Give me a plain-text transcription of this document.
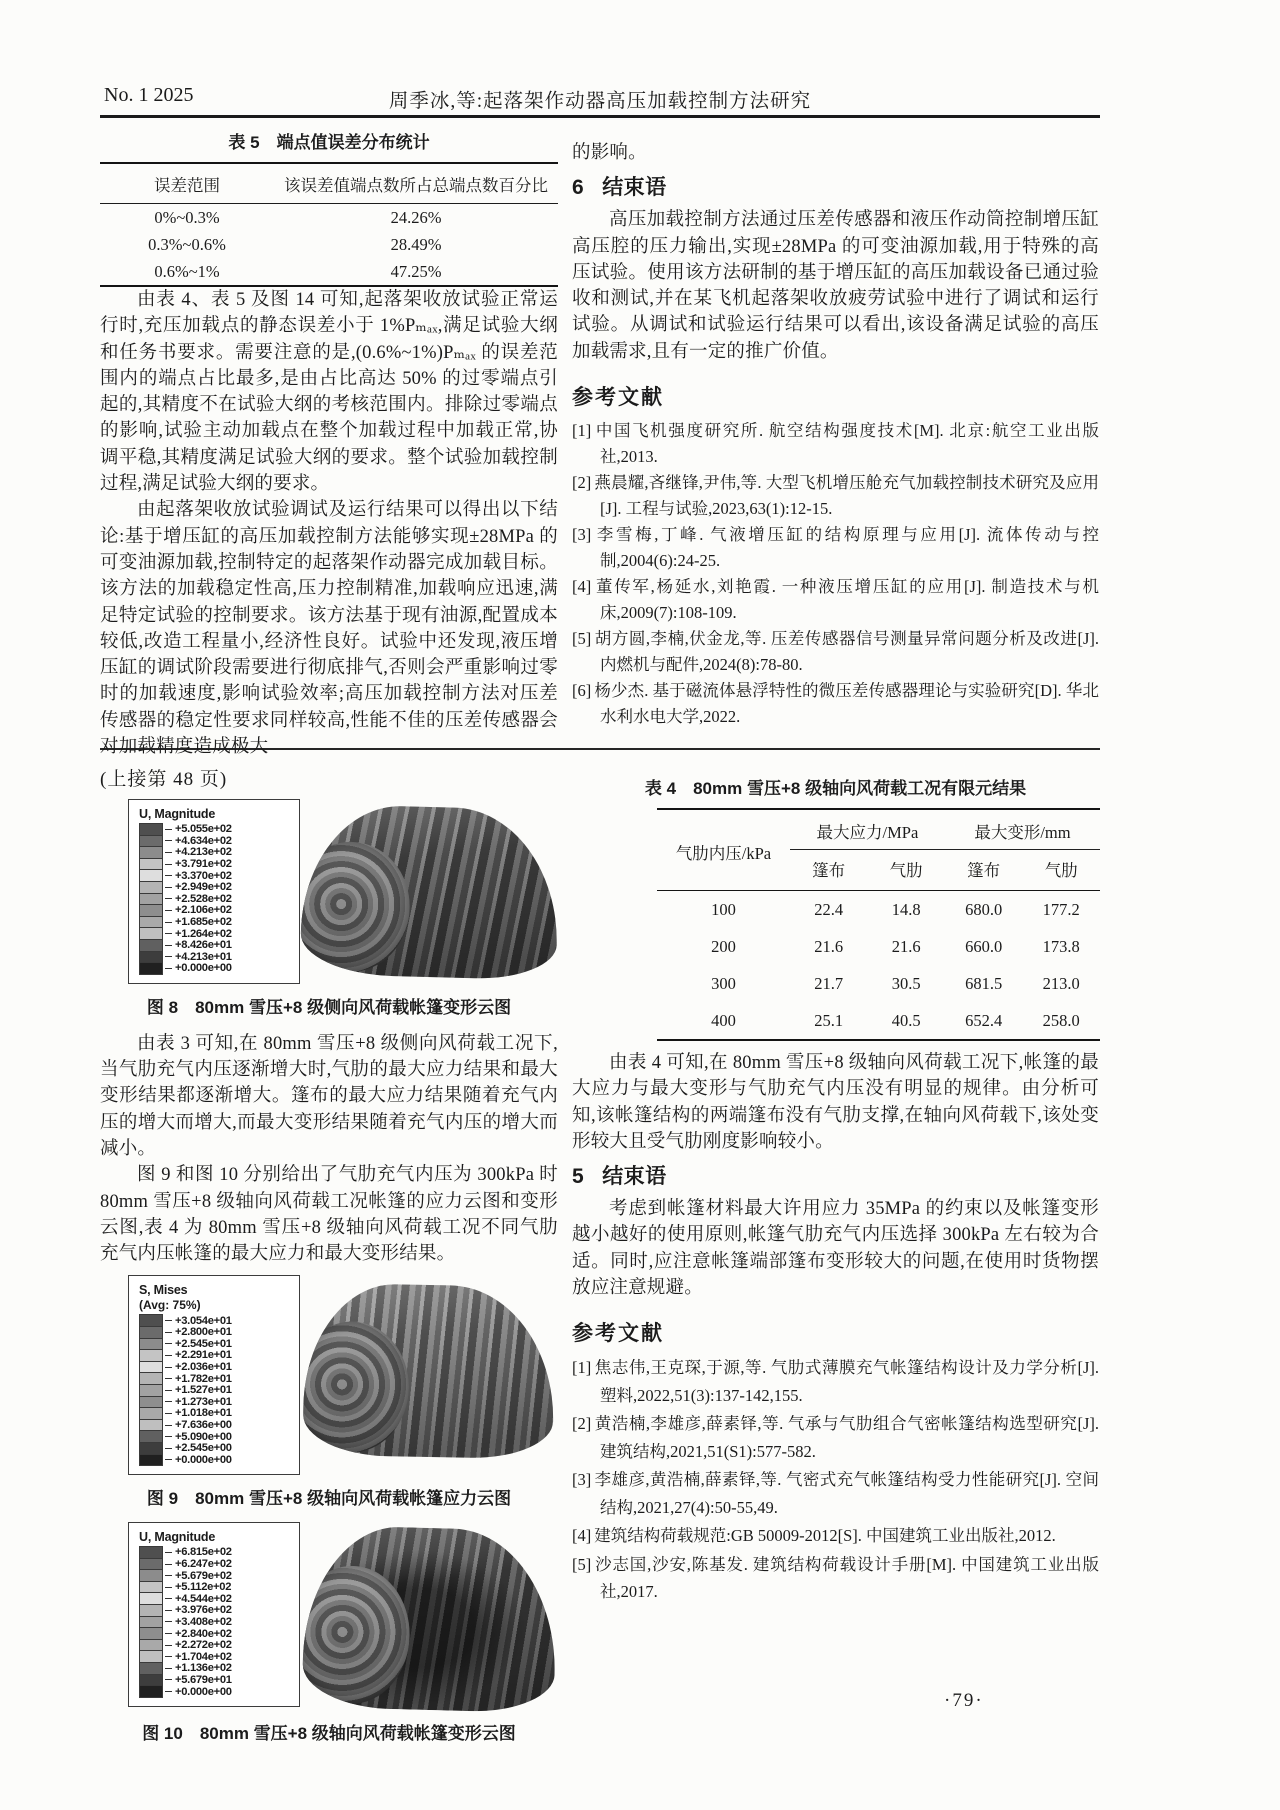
No. 1 2025	周季冰,等:起落架作动器高压加载控制方法研究
表 5　端点值误差分布统计
误差范围	该误差值端点数所占总端点数百分比
0%~0.3%	24.26%
0.3%~0.6%	28.49%
0.6%~1%	47.25%

由表 4、表 5 及图 14 可知,起落架收放试验正常运行时,充压加载点的静态误差小于 1%Pₘₐₓ,满足试验大纲和任务书要求。需要注意的是,(0.6%~1%)Pₘₐₓ 的误差范围内的端点占比最多,是由占比高达 50% 的过零端点引起的,其精度不在试验大纲的考核范围内。排除过零端点的影响,试验主动加载点在整个加载过程中加载正常,协调平稳,其精度满足试验大纲的要求。整个试验加载控制过程,满足试验大纲的要求。

由起落架收放试验调试及运行结果可以得出以下结论:基于增压缸的高压加载控制方法能够实现±28MPa 的可变油源加载,控制特定的起落架作动器完成加载目标。该方法的加载稳定性高,压力控制精准,加载响应迅速,满足特定试验的控制要求。该方法基于现有油源,配置成本较低,改造工程量小,经济性良好。试验中还发现,液压增压缸的调试阶段需要进行彻底排气,否则会严重影响过零时的加载速度,影响试验效率;高压加载控制方法对压差传感器的稳定性要求同样较高,性能不佳的压差传感器会对加载精度造成极大

(上接第 48 页)
U, Magnitude
+5.055e+02
+4.634e+02
+4.213e+02
+3.791e+02
+3.370e+02
+2.949e+02
+2.528e+02
+2.106e+02
+1.685e+02
+1.264e+02
+8.426e+01
+4.213e+01
+0.000e+00
图 8　80mm 雪压+8 级侧向风荷载帐篷变形云图

由表 3 可知,在 80mm 雪压+8 级侧向风荷载工况下,当气肋充气内压逐渐增大时,气肋的最大应力结果和最大变形结果都逐渐增大。篷布的最大应力结果随着充气内压的增大而增大,而最大变形结果随着充气内压的增大而减小。

图 9 和图 10 分别给出了气肋充气内压为 300kPa 时 80mm 雪压+8 级轴向风荷载工况帐篷的应力云图和变形云图,表 4 为 80mm 雪压+8 级轴向风荷载工况不同气肋充气内压帐篷的最大应力和最大变形结果。

S, Mises
(Avg: 75%)
+3.054e+01
+2.800e+01
+2.545e+01
+2.291e+01
+2.036e+01
+1.782e+01
+1.527e+01
+1.273e+01
+1.018e+01
+7.636e+00
+5.090e+00
+2.545e+00
+0.000e+00
图 9　80mm 雪压+8 级轴向风荷载帐篷应力云图
U, Magnitude
+6.815e+02
+6.247e+02
+5.679e+02
+5.112e+02
+4.544e+02
+3.976e+02
+3.408e+02
+2.840e+02
+2.272e+02
+1.704e+02
+1.136e+02
+5.679e+01
+0.000e+00
图 10　80mm 雪压+8 级轴向风荷载帐篷变形云图

的影响。

6 结束语

高压加载控制方法通过压差传感器和液压作动筒控制增压缸高压腔的压力输出,实现±28MPa 的可变油源加载,用于特殊的高压试验。使用该方法研制的基于增压缸的高压加载设备已通过验收和测试,并在某飞机起落架收放疲劳试验中进行了调试和运行试验。从调试和试验运行结果可以看出,该设备满足试验的高压加载需求,且有一定的推广价值。

参考文献
[1] 中国飞机强度研究所. 航空结构强度技术[M]. 北京:航空工业出版社,2013.
[2] 燕晨耀,吝继锋,尹伟,等. 大型飞机增压舱充气加载控制技术研究及应用[J]. 工程与试验,2023,63(1):12-15.
[3] 李雪梅,丁峰. 气液增压缸的结构原理与应用[J]. 流体传动与控制,2004(6):24-25.
[4] 董传军,杨延水,刘艳霞. 一种液压增压缸的应用[J]. 制造技术与机床,2009(7):108-109.
[5] 胡方圆,李楠,伏金龙,等. 压差传感器信号测量异常问题分析及改进[J]. 内燃机与配件,2024(8):78-80.
[6] 杨少杰. 基于磁流体悬浮特性的微压差传感器理论与实验研究[D]. 华北水利水电大学,2022.
表 4　80mm 雪压+8 级轴向风荷载工况有限元结果
气肋内压/kPa	最大应力/MPa		最大变形/mm	
	篷布	气肋	篷布	气肋
100	22.4	14.8	680.0	177.2
200	21.6	21.6	660.0	173.8
300	21.7	30.5	681.5	213.0
400	25.1	40.5	652.4	258.0

由表 4 可知,在 80mm 雪压+8 级轴向风荷载工况下,帐篷的最大应力与最大变形与气肋充气内压没有明显的规律。由分析可知,该帐篷结构的两端篷布没有气肋支撑,在轴向风荷载下,该处变形较大且受气肋刚度影响较小。

5 结束语

考虑到帐篷材料最大许用应力 35MPa 的约束以及帐篷变形越小越好的使用原则,帐篷气肋充气内压选择 300kPa 左右较为合适。同时,应注意帐篷端部篷布变形较大的问题,在使用时货物摆放应注意规避。

参考文献
[1] 焦志伟,王克琛,于源,等. 气肋式薄膜充气帐篷结构设计及力学分析[J]. 塑料,2022,51(3):137-142,155.
[2] 黄浩楠,李雄彦,薛素铎,等. 气承与气肋组合气密帐篷结构选型研究[J]. 建筑结构,2021,51(S1):577-582.
[3] 李雄彦,黄浩楠,薛素铎,等. 气密式充气帐篷结构受力性能研究[J]. 空间结构,2021,27(4):50-55,49.
[4] 建筑结构荷载规范:GB 50009-2012[S]. 中国建筑工业出版社,2012.
[5] 沙志国,沙安,陈基发. 建筑结构荷载设计手册[M]. 中国建筑工业出版社,2017.
·79·
